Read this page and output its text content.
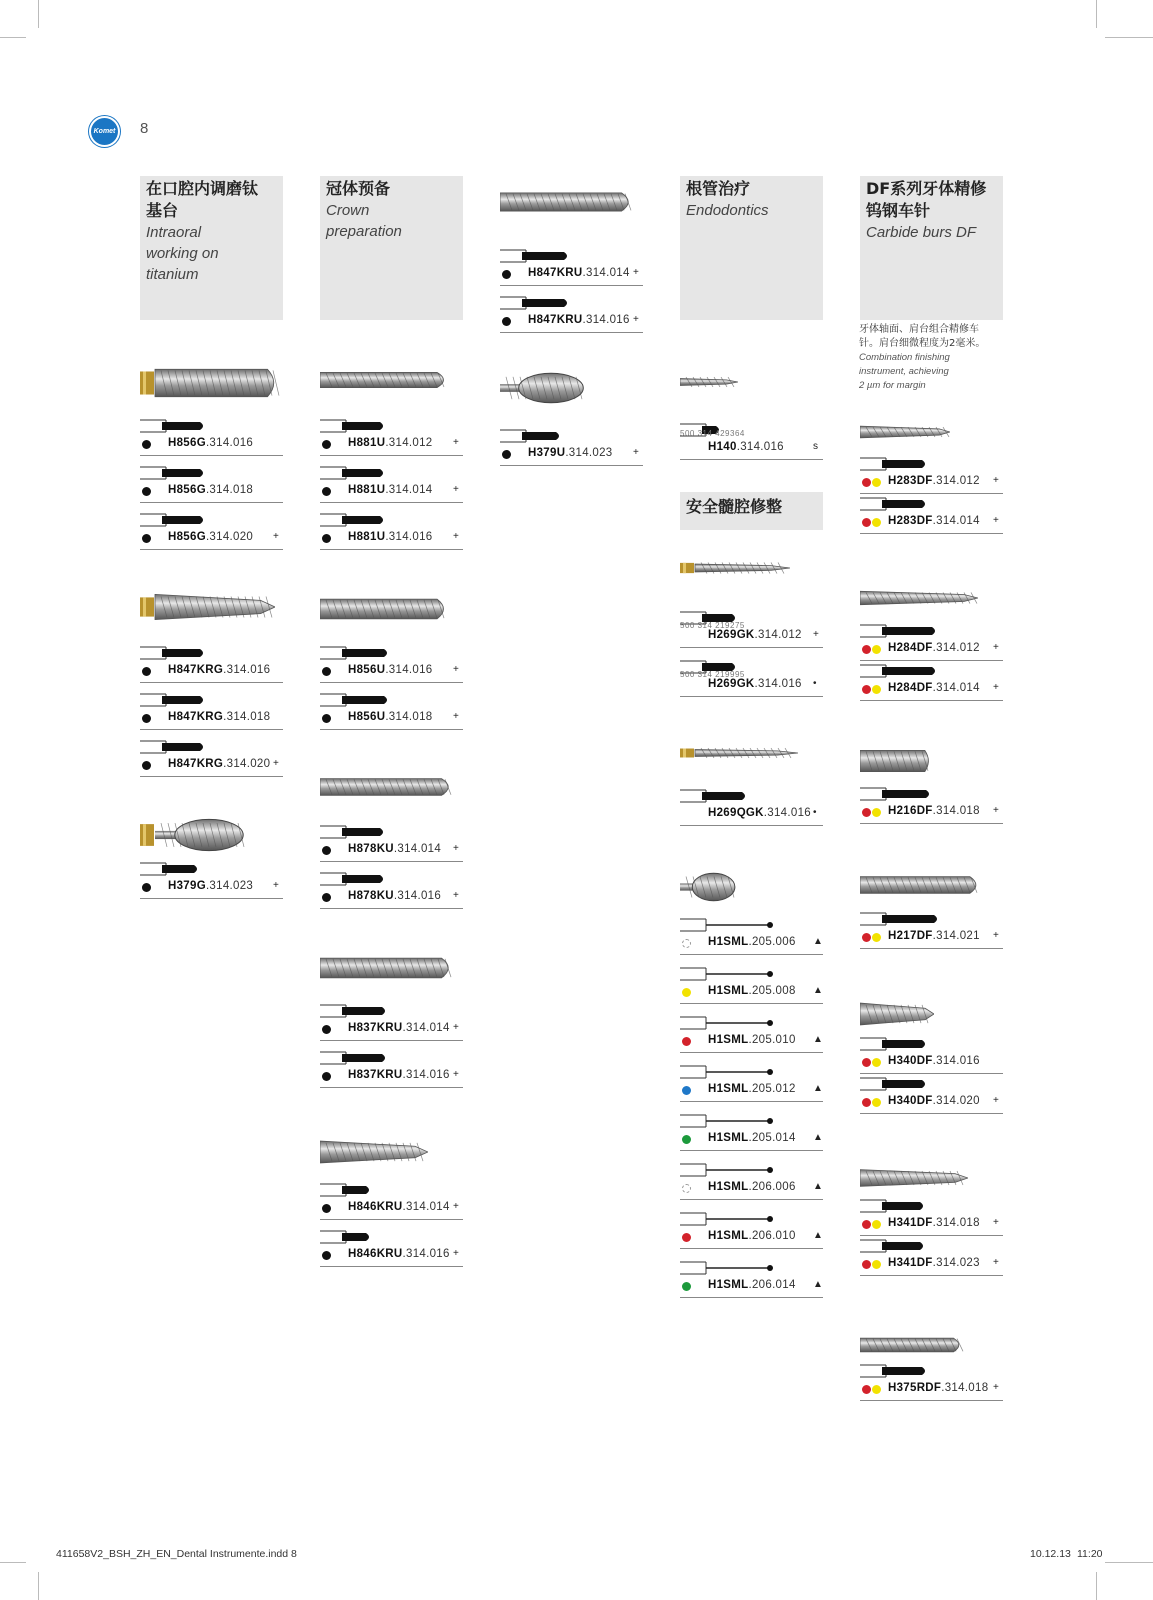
Komet 8
在口腔内调磨钛基台
Intraoral
working on
titanium
冠体预备
Crown
preparation
根管治疗
Endodontics
安全髓腔修整
DF系列牙体精修
钨钢车针
Carbide burs DF
牙体轴面、肩台组合精修车
针。肩台细微程度为2毫米。
Combination finishing
instrument, achieving
2 µm for margin
H856G.314.016
H856G.314.018
H856G.314.020 +
H847KRG.314.016
H847KRG.314.018
H847KRG.314.020 +
H379G.314.023 +
H881U.314.012 +
H881U.314.014 +
H881U.314.016 +
H856U.314.016 +
H856U.314.018 +
H878KU.314.014 +
H878KU.314.016 +
H837KRU.314.014 +
H837KRU.314.016 +
H846KRU.314.014 +
H846KRU.314.016 +
H847KRU.314.014 +
H847KRU.314.016 +
H379U.314.023 +	H140.314.016	s
500 314 429364
H269GK.314.012 +
500 314 219275
H269GK.314.016 •
500 314 219995
H269QGK.314.016 •
H1SML.205.006 ▲
H1SML.205.008 ▲
H1SML.205.010 ▲
H1SML.205.012 ▲
H1SML.205.014 ▲
H1SML.206.006 ▲
H1SML.206.010 ▲
H1SML.206.014 ▲
H283DF.314.012 +
H283DF.314.014 +
H284DF.314.012 +
H284DF.314.014 +
H216DF.314.018 +
H217DF.314.021 +
H340DF.314.016
H340DF.314.020 +
H341DF.314.018 +
H341DF.314.023 +
H375RDF.314.018 +
411658V2_BSH_ZH_EN_Dental Instrumente.indd 8	10.12.13 11:20
